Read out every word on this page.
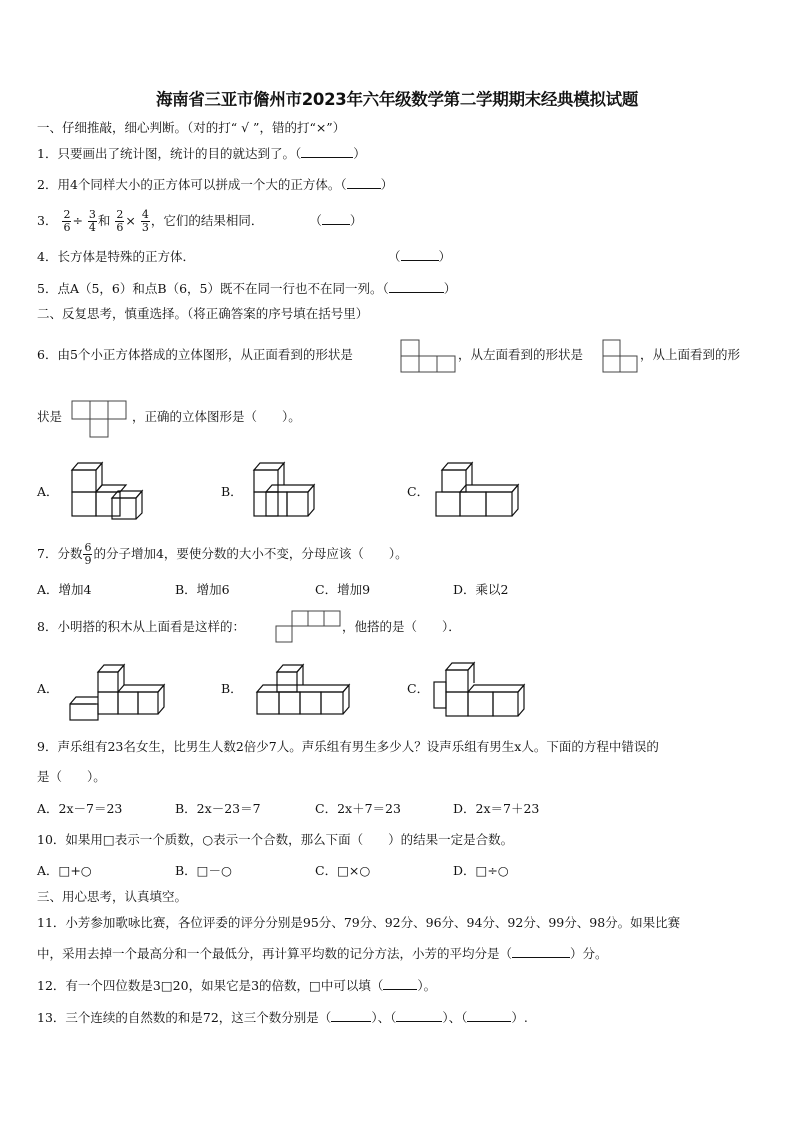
海南省三亚市儋州市2023年六年级数学第二学期期末经典模拟试题
一、仔细推敲，细心判断。（对的打“ √ ”，错的打“×”）
1．只要画出了统计图，统计的目的就达到了。（	）
2．用4个同样大小的正方体可以拼成一个大的正方体。（	）
3． $\frac{2}{6} \div \frac{3}{4}$ 和 $\frac{2}{6} \times \frac{4}{3}$ ，它们的结果相同．	（ ）
4．长方体是特殊的正方体．	（	）
5．点A（5，6）和点B（6，5）既不在同一行也不在同一列。（	）
二、反复思考，慎重选择。（将正确答案的序号填在括号里）
6．由5个小正方体搭成的立体图形，从正面看到的形状是	，从左面看到的形状是	，从上面看到的形
状是	，正确的立体图形是（　　）。
A．	B．	C．
7．分数 $\frac{6}{9}$ 的分子增加4，要使分数的大小不变，分母应该（　　）。
A．增加4	B．增加6	C．增加9	D．乘以2
8．小明搭的积木从上面看是这样的：	，他搭的是（　　）．
A．	B．	C．
9．声乐组有23名女生，比男生人数2倍少7人。声乐组有男生多少人？设声乐组有男生x人。下面的方程中错误的
是（　　）。
A．2x－7＝23	B．2x－23＝7	C．2x＋7＝23	D．2x＝7＋23
10．如果用□表示一个质数，○表示一个合数，那么下面（　　）的结果一定是合数。
A．□+○	B．□－○	C．□×○	D．□÷○
三、用心思考，认真填空。
11．小芳参加歌咏比赛，各位评委的评分分别是95分、79分、92分、96分、94分、92分、99分、98分。如果比赛
中，采用去掉一个最高分和一个最低分，再计算平均数的记分方法，小芳的平均分是（	）分。
12．有一个四位数是3□20，如果它是3的倍数，□中可以填（	）。
13．三个连续的自然数的和是72，这三个数分别是（	）、（	）、（	）.
